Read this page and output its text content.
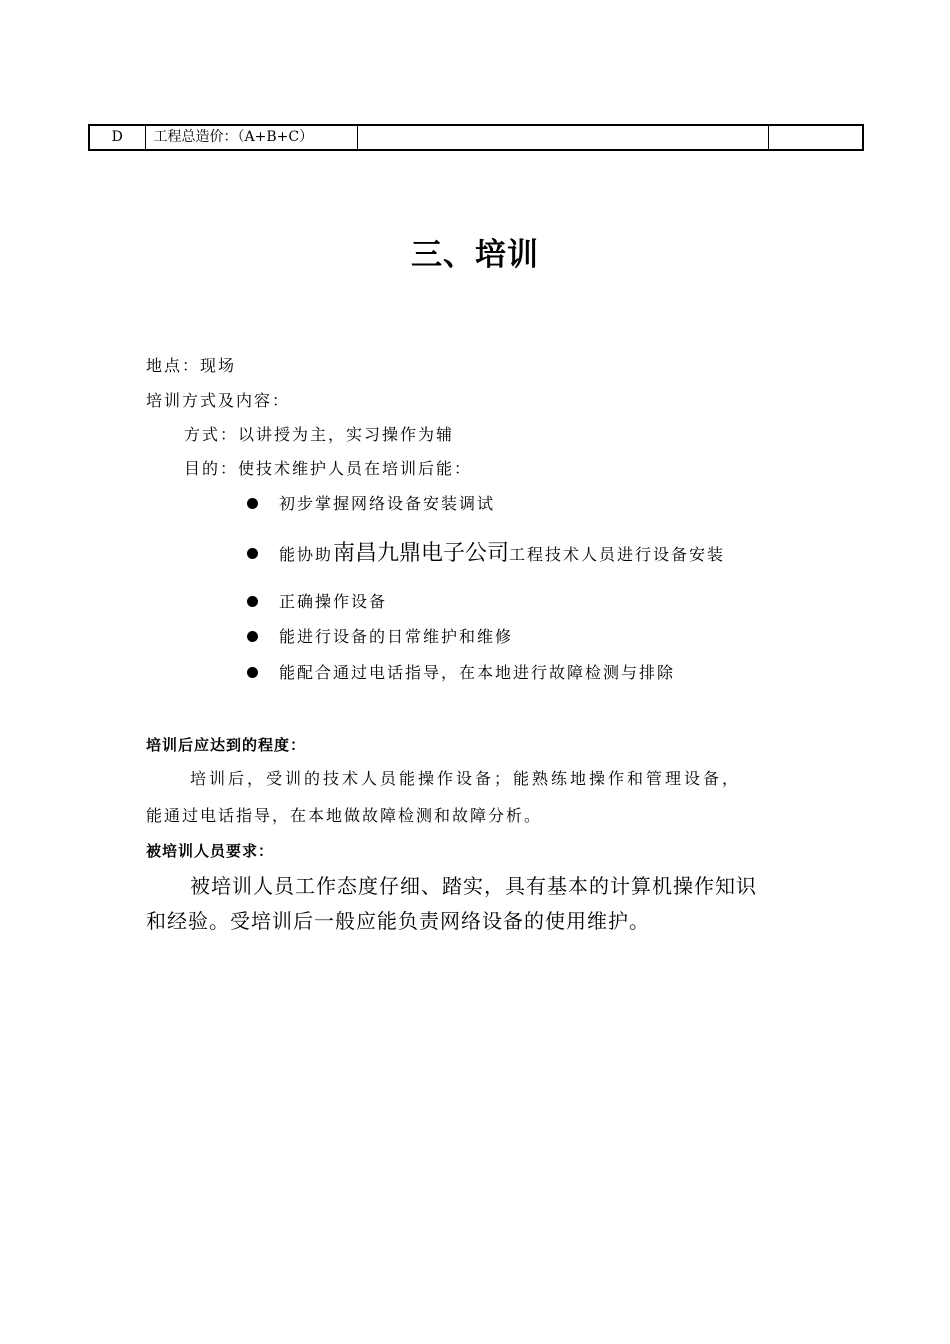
D	工程总造价：（A+B+C）		
三、培训
地点：现场
培训方式及内容：
方式：以讲授为主，实习操作为辅
目的：使技术维护人员在培训后能：
初步掌握网络设备安装调试
能协助南昌九鼎电子公司工程技术人员进行设备安装
正确操作设备
能进行设备的日常维护和维修
能配合通过电话指导，在本地进行故障检测与排除
培训后应达到的程度：
培训后，受训的技术人员能操作设备；能熟练地操作和管理设备，
能通过电话指导，在本地做故障检测和故障分析。
被培训人员要求：
被培训人员工作态度仔细、踏实，具有基本的计算机操作知识
和经验。受培训后一般应能负责网络设备的使用维护。
